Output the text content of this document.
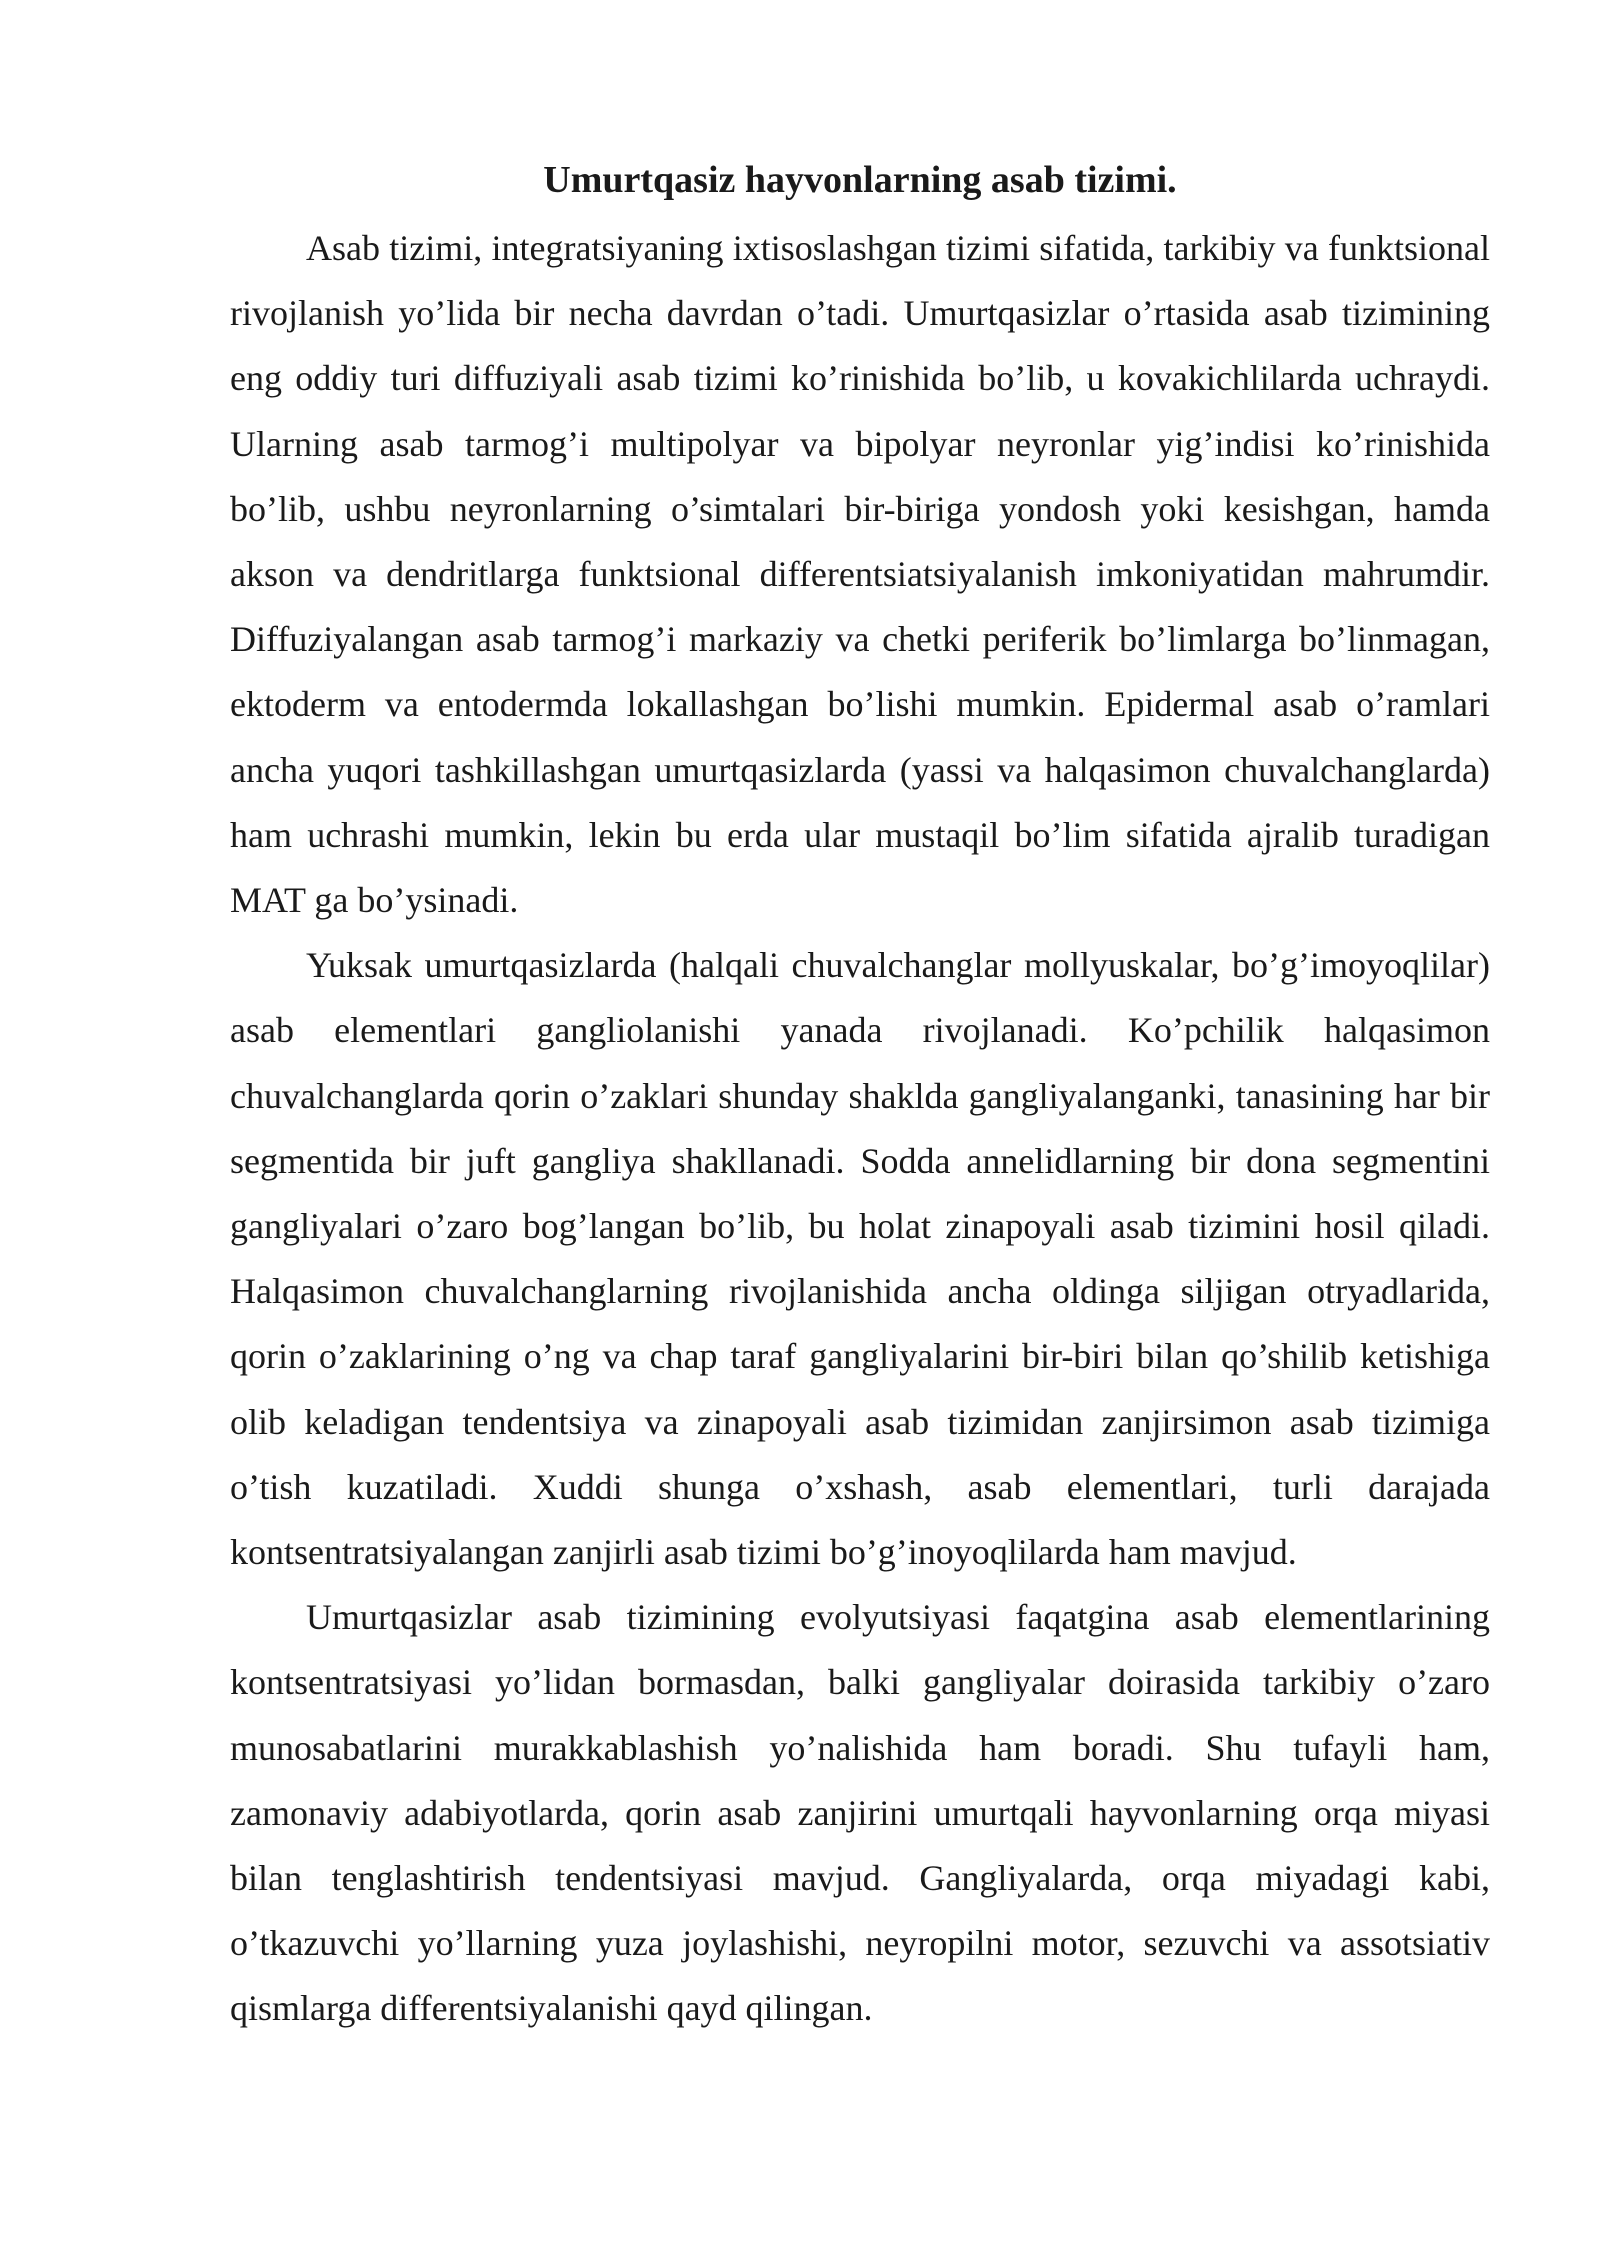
Umurtqasiz hayvonlarning asab tizimi.

Asab tizimi, integratsiyaning ixtisoslashgan tizimi sifatida, tarkibiy va funktsional rivojlanish yo’lida bir necha davrdan o’tadi. Umurtqasizlar o’rtasida asab tizimining eng oddiy turi diffuziyali asab tizimi ko’rinishida bo’lib, u kovakichlilarda uchraydi. Ularning asab tarmog’i multipolyar va bipolyar neyronlar yig’indisi ko’rinishida bo’lib, ushbu neyronlarning o’simtalari bir-biriga yondosh yoki kesishgan, hamda akson va dendritlarga funktsional differentsiatsiyalanish imkoniyatidan mahrumdir. Diffuziyalangan asab tarmog’i markaziy va chetki periferik bo’limlarga bo’linmagan, ektoderm va entodermda lokallashgan bo’lishi mumkin. Epidermal asab o’ramlari ancha yuqori tashkillashgan umurtqasizlarda (yassi va halqasimon chuvalchanglarda) ham uchrashi mumkin, lekin bu erda ular mustaqil bo’lim sifatida ajralib turadigan MAT ga bo’ysinadi.

Yuksak umurtqasizlarda (halqali chuvalchanglar mollyuskalar, bo’g’imoyoqlilar) asab elementlari gangliolanishi yanada rivojlanadi. Ko’pchilik halqasimon chuvalchanglarda qorin o’zaklari shunday shaklda gangliyalanganki, tanasining har bir segmentida bir juft gangliya shakllanadi. Sodda annelidlarning bir dona segmentini gangliyalari o’zaro bog’langan bo’lib, bu holat zinapoyali asab tizimini hosil qiladi. Halqasimon chuvalchanglarning rivojlanishida ancha oldinga siljigan otryadlarida, qorin o’zaklarining o’ng va chap taraf gangliyalarini bir-biri bilan qo’shilib ketishiga olib keladigan tendentsiya va zinapoyali asab tizimidan zanjirsimon asab tizimiga o’tish kuzatiladi. Xuddi shunga o’xshash, asab elementlari, turli darajada kontsentratsiyalangan zanjirli asab tizimi bo’g’inoyoqlilarda ham mavjud.

Umurtqasizlar asab tizimining evolyutsiyasi faqatgina asab elementlarining kontsentratsiyasi yo’lidan bormasdan, balki gangliyalar doirasida tarkibiy o’zaro munosabatlarini murakkablashish yo’nalishida ham boradi. Shu tufayli ham, zamonaviy adabiyotlarda, qorin asab zanjirini umurtqali hayvonlarning orqa miyasi bilan tenglashtirish tendentsiyasi mavjud. Gangliyalarda, orqa miyadagi kabi, o’tkazuvchi yo’llarning yuza joylashishi, neyropilni motor, sezuvchi va assotsiativ qismlarga differentsiyalanishi qayd qilingan.
